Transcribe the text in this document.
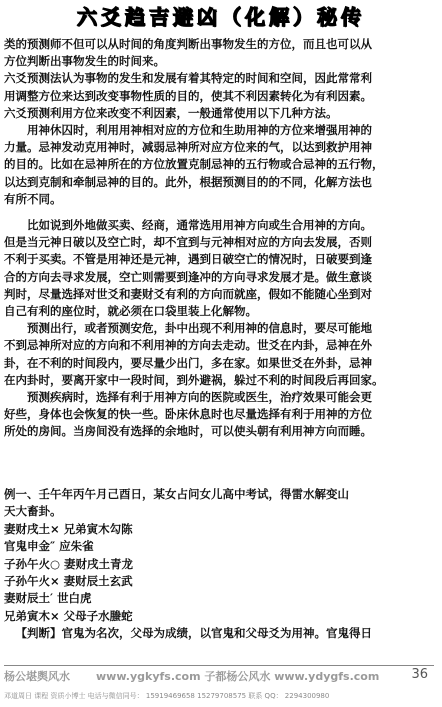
六爻趋吉避凶（化解）秘传

类的预测师不但可以从时间的角度判断出事物发生的方位，而且也可以从
方位判断出事物发生的时间来。

六爻预测法认为事物的发生和发展有着其特定的时间和空间，因此常常利
用调整方位来达到改变事物性质的目的，使其不利因素转化为有利因素。
六爻预测利用方位来改变不利因素，一般通常使用以下几种方法。

用神休囚时，利用用神相对应的方位和生助用神的方位来增强用神的
力量。忌神发动克用神时，减弱忌神所对应方位来的气，以达到救护用神
的目的。比如在忌神所在的方位放置克制忌神的五行物或合忌神的五行物，
以达到克制和牵制忌神的目的。此外，根据预测目的的不同，化解方法也
有所不同。

比如说到外地做买卖、经商，通常选用用神方向或生合用神的方向。
但是当元神日破以及空亡时，却不宜到与元神相对应的方向去发展，否则
不利于买卖。不管是用神还是元神，遇到日破空亡的情况时，日破要到逢
合的方向去寻求发展，空亡则需要到逢冲的方向寻求发展才是。做生意谈
判时，尽量选择对世爻和妻财爻有利的方向而就座，假如不能随心坐到对
自己有利的座位时，就必须在口袋里装上化解物。

预测出行，或者预测安危，卦中出现不利用神的信息时，要尽可能地
不到忌神所对应的方向和不利用神的方向去走动。世爻在内卦，忌神在外
卦，在不利的时间段内，要尽量少出门，多在家。如果世爻在外卦，忌神
在内卦时，要离开家中一段时间，到外避祸，躲过不利的时间段后再回家。

预测疾病时，选择有利于用神方向的医院或医生，治疗效果可能会更
好些，身体也会恢复的快一些。卧床休息时也尽量选择有利于用神的方位
所处的房间。当房间没有选择的余地时，可以使头朝有利用神方向而睡。

例一、壬午年丙午月己酉日，某女占问女儿高中考试，得雷水解变山
天大畜卦。
妻财戌土× 兄弟寅木勾陈
官鬼申金″ 应朱雀
子孙午火○ 妻财戌土青龙
子孙午火× 妻财辰土玄武
妻财辰土′ 世白虎
兄弟寅木× 父母子水螣蛇
【判断】官鬼为名次，父母为成绩，以官鬼和父母爻为用神。官鬼得日
杨公堪舆风水 www.ygkyfs.com 子都杨公风水 www.ydygfs.com 36
邓道周日 课程 资质小博士 电话与微信同号： 15919469658 15279708575 联系 QQ： 2294300980
